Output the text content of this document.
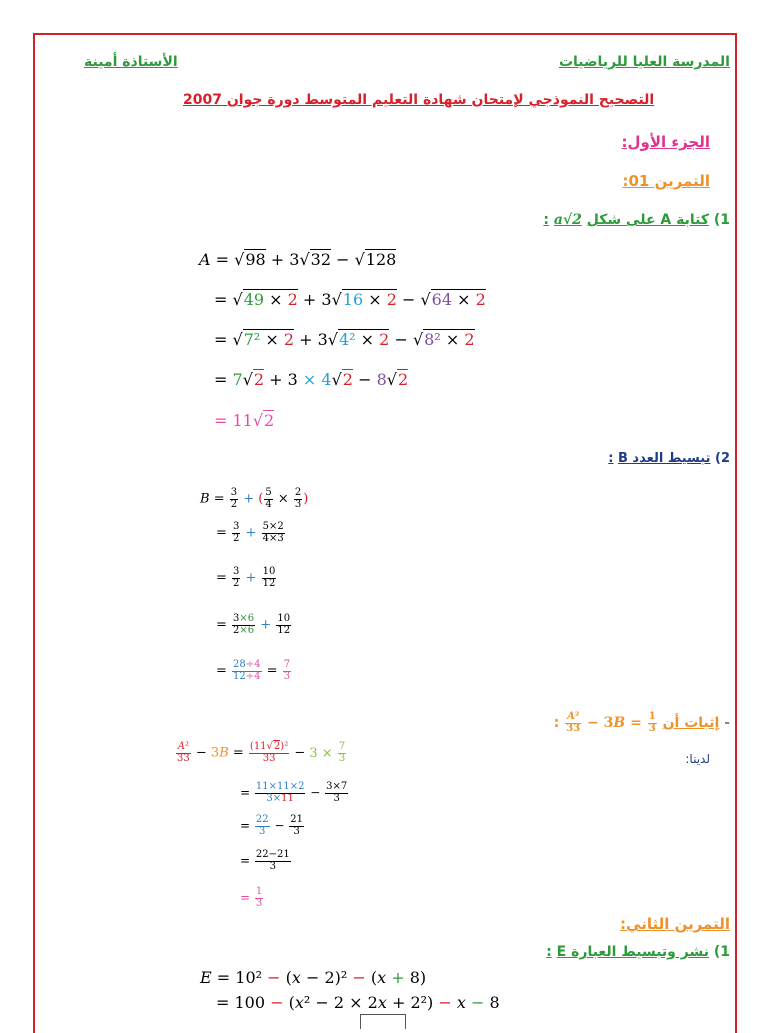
المدرسة العليا للرياضيات
الأستاذة أمينة
التصحيح النموذجي لإمتحان شهادة التعليم المتوسط دورة جوان 2007
الجزء الأول:
التمرين 01:
1) كتابة A على شكل a√2 :
A = √98 + 3√32 − √128
= √49 × 2 + 3√16 × 2 − √64 × 2
= √7² × 2 + 3√4² × 2 − √8² × 2
= 7√2 + 3 × 4√2 − 8√2
= 11√2
2) تبسيط العدد B :
$B = \frac{3}{2}$ + ( $\frac{5}{4} \times \frac{2}{3}$ )
= $\frac{3}{2} + \frac{5\times 2}{4\times 3}$
= $\frac{3}{2} + \frac{10}{12}$
= $\frac{3\times 6}{2\times 6} + \frac{10}{12}$
= $\frac{28\div 4}{12\div 4} = \frac{7}{3}$
- إثبات أن
$\frac{\text{A²}}{33} - 3B = \frac{1}{3}$
:
لدينا:
$\frac{\text{A²}}{33} - 3B = \frac{\text{(11√2)²}}{33} - 3 \times \frac{7}{3}$
= $\frac{11\times 11\times 2}{3\times 11} - \frac{3\times 7}{3}$
= $\frac{22}{3} - \frac{21}{3}$
= $\frac{22-21}{3}$
= $\frac{1}{3}$
التمرين الثاني:
1) نشر وتبسيط العبارة E :
E = 10² − (x − 2)² − (x + 8)
= 100 − (x² − 2 × 2x + 2²) − x − 8
